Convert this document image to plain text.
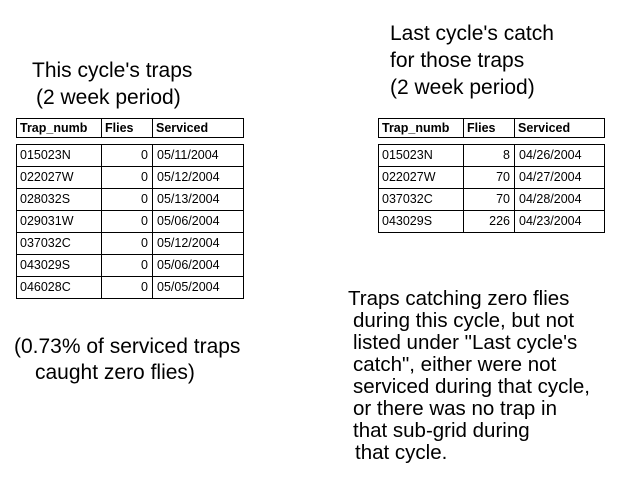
This cycle's traps
(2 week period)
Last cycle's catch
for those traps
(2 week period)
Trap_numb	Flies	Serviced
015023N	0 05/11/2004
022027W	0 05/12/2004
028032S	0 05/13/2004
029031W	0 05/06/2004
037032C	0 05/12/2004
043029S	0 05/06/2004
046028C	0 05/05/2004
Trap_numb	Flies	Serviced
015023N	8 04/26/2004
022027W	70 04/27/2004
037032C	70 04/28/2004
043029S	226 04/23/2004
(0.73% of serviced traps
caught zero flies)
Traps catching zero flies
during this cycle, but not
listed under "Last cycle's
catch", either were not
serviced during that cycle,
or there was no trap in
that sub-grid during
that cycle.
